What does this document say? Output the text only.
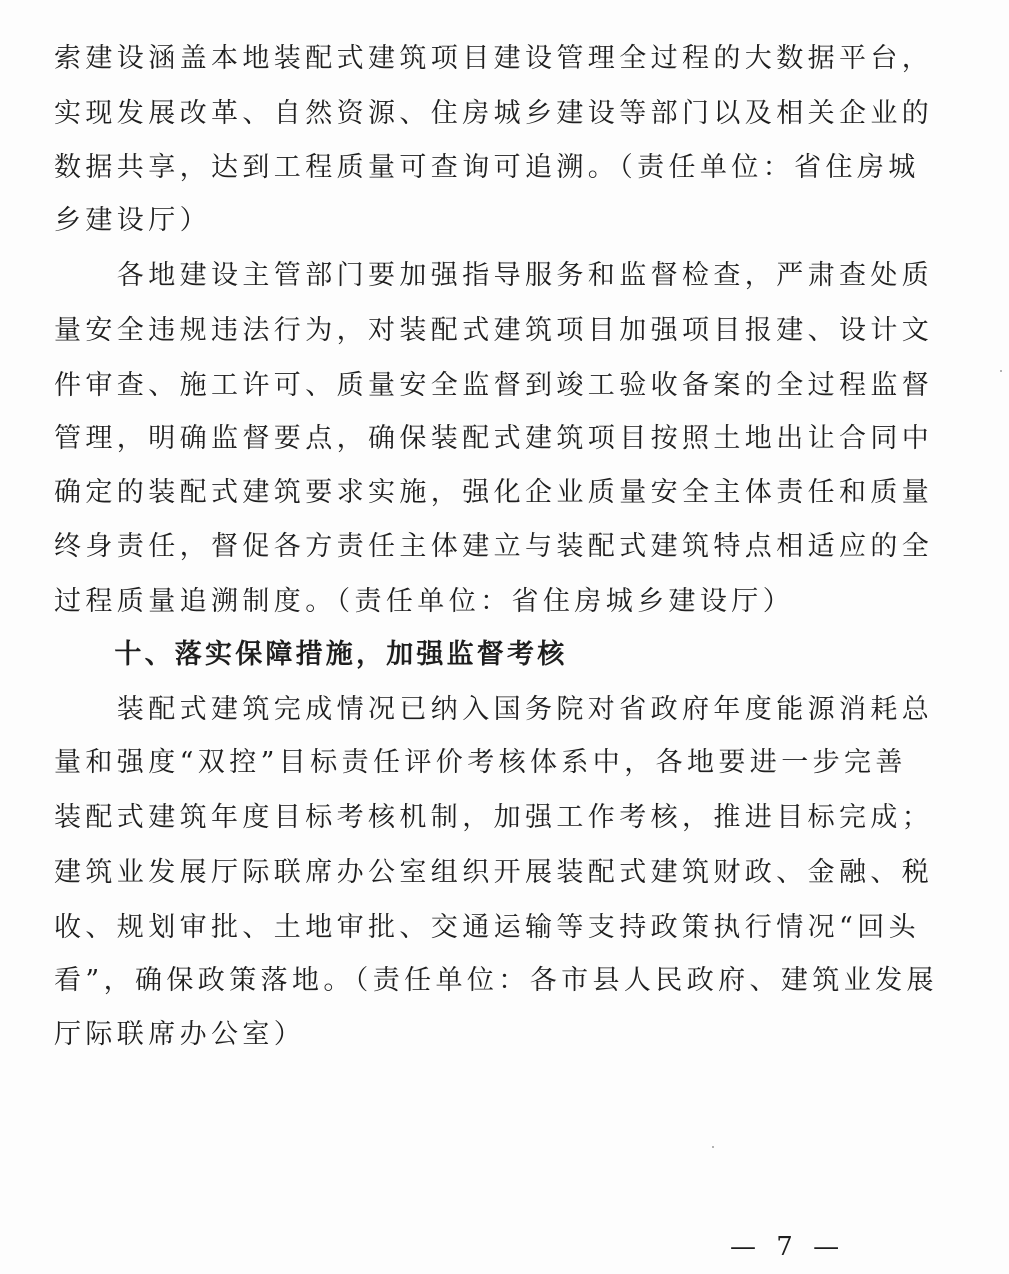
索建设涵盖本地装配式建筑项目建设管理全过程的大数据平台，
实现发展改革、自然资源、住房城乡建设等部门以及相关企业的
数据共享，达到工程质量可查询可追溯。（责任单位：省住房城
乡建设厅）
　　各地建设主管部门要加强指导服务和监督检查，严肃查处质
量安全违规违法行为，对装配式建筑项目加强项目报建、设计文
件审查、施工许可、质量安全监督到竣工验收备案的全过程监督
管理，明确监督要点，确保装配式建筑项目按照土地出让合同中
确定的装配式建筑要求实施，强化企业质量安全主体责任和质量
终身责任，督促各方责任主体建立与装配式建筑特点相适应的全
过程质量追溯制度。（责任单位：省住房城乡建设厅）
　　十、落实保障措施，加强监督考核
　　装配式建筑完成情况已纳入国务院对省政府年度能源消耗总
量和强度“双控”目标责任评价考核体系中，各地要进一步完善
装配式建筑年度目标考核机制，加强工作考核，推进目标完成；
建筑业发展厅际联席办公室组织开展装配式建筑财政、金融、税
收、规划审批、土地审批、交通运输等支持政策执行情况“回头
看”，确保政策落地。（责任单位：各市县人民政府、建筑业发展
厅际联席办公室）
— 7 —
